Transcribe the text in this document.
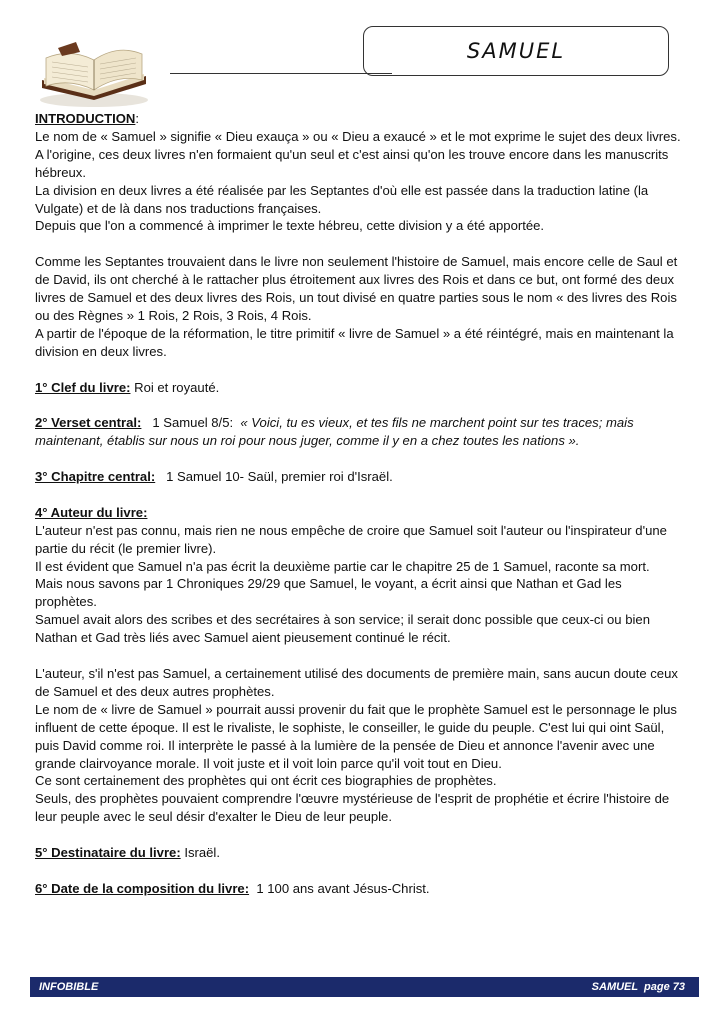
SAMUEL

INTRODUCTION:

Le nom de « Samuel » signifie « Dieu exauça » ou « Dieu a exaucé » et le mot exprime le sujet des deux livres.

A l'origine, ces deux livres n'en formaient qu'un seul et c'est ainsi qu'on les trouve encore dans les manuscrits hébreux.

La division en deux livres a été réalisée par les Septantes d'où elle est passée dans la traduction latine (la Vulgate) et de là dans nos traductions françaises.

Depuis que l'on a commencé à imprimer le texte hébreu, cette division y a été apportée.

Comme les Septantes trouvaient dans le livre non seulement l'histoire de Samuel, mais encore celle de Saul et de David, ils ont cherché à le rattacher plus étroitement aux livres des Rois et dans ce but, ont formé des deux livres de Samuel et des deux livres des Rois, un tout divisé en quatre parties sous le nom « des livres des Rois ou des Règnes » 1 Rois, 2 Rois, 3 Rois, 4 Rois.

A partir de l'époque de la réformation, le titre primitif « livre de Samuel » a été réintégré, mais en maintenant la division en deux livres.

1° Clef du livre: Roi et royauté.

2° Verset central:   1 Samuel 8/5:  « Voici, tu es vieux, et tes fils ne marchent point sur tes traces; mais maintenant, établis sur nous un roi pour nous juger, comme il y en a chez toutes les nations ».

3° Chapitre central:   1 Samuel 10- Saül, premier roi d'Israël.

4° Auteur du livre:

L'auteur n'est pas connu, mais rien ne nous empêche de croire que Samuel soit l'auteur ou l'inspirateur d'une partie du récit (le premier livre).

Il est évident que Samuel n'a pas écrit la deuxième partie car le chapitre 25 de 1 Samuel, raconte sa mort.

Mais nous savons par 1 Chroniques 29/29 que Samuel, le voyant, a écrit ainsi que Nathan et Gad les prophètes.

Samuel avait alors des scribes et des secrétaires à son service; il serait donc possible que ceux-ci ou bien Nathan et Gad très liés avec Samuel aient pieusement continué le récit.

L'auteur, s'il n'est pas Samuel, a certainement utilisé des documents de première main, sans aucun doute ceux de Samuel et des deux autres prophètes.

Le nom de « livre de Samuel » pourrait aussi provenir du fait que le prophète Samuel est le personnage le plus influent de cette époque. Il est le rivaliste, le sophiste, le conseiller, le guide du peuple. C'est lui qui oint Saül, puis David comme roi. Il interprète le passé à la lumière de la pensée de Dieu et annonce l'avenir avec une grande clairvoyance morale. Il voit juste et il voit loin parce qu'il voit tout en Dieu.

Ce sont certainement des prophètes qui ont écrit ces biographies de prophètes.

Seuls, des prophètes pouvaient comprendre l'œuvre mystérieuse de l'esprit de prophétie et écrire l'histoire de leur peuple avec le seul désir d'exalter le Dieu de leur peuple.

5° Destinataire du livre: Israël.

6° Date de la composition du livre:  1 100 ans avant Jésus-Christ.

INFOBIBLE	SAMUEL  page 73
